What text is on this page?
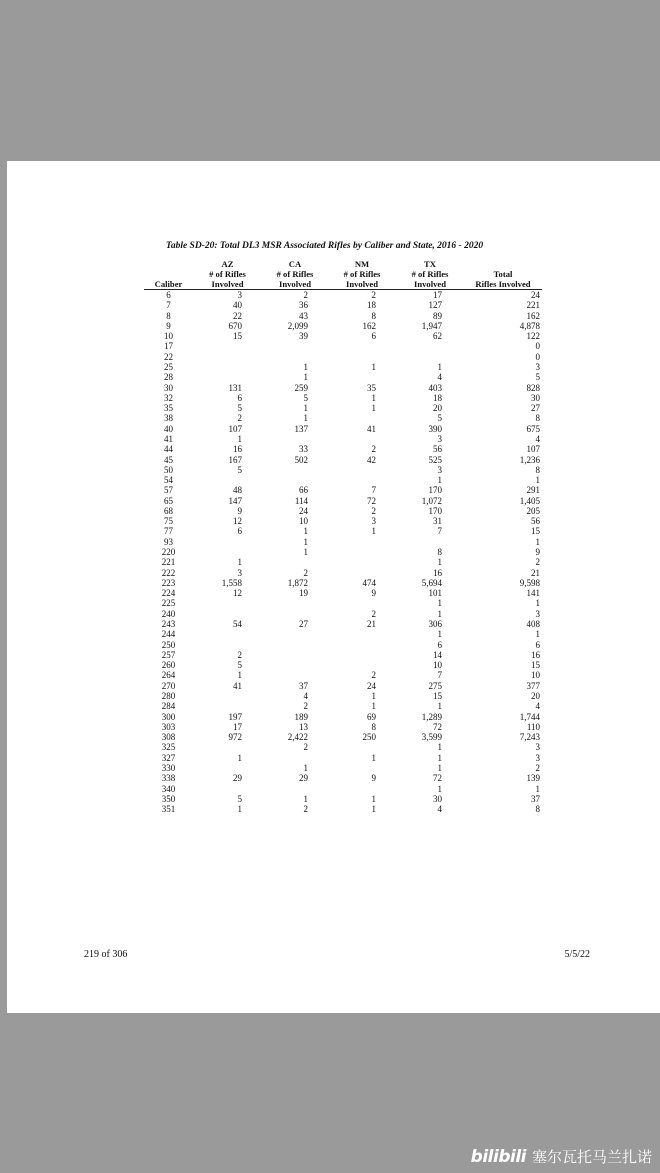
Table SD-20: Total DL3 MSR Associated Rifles by Caliber and State, 2016 - 2020
	AZ	CA	NM	TX	
	# of Rifles	# of Rifles	# of Rifles	# of Rifles	Total
Caliber	Involved	Involved	Involved	Involved	Rifles Involved
6	3	2	2	17	24
7	40	36	18	127	221
8	22	43	8	89	162
9	670	2,099	162	1,947	4,878
10	15	39	6	62	122
17					0
22					0
25		1	1	1	3
28		1		4	5
30	131	259	35	403	828
32	6	5	1	18	30
35	5	1	1	20	27
38	2	1		5	8
40	107	137	41	390	675
41	1			3	4
44	16	33	2	56	107
45	167	502	42	525	1,236
50	5			3	8
54				1	1
57	48	66	7	170	291
65	147	114	72	1,072	1,405
68	9	24	2	170	205
75	12	10	3	31	56
77	6	1	1	7	15
93		1			1
220		1		8	9
221	1			1	2
222	3	2		16	21
223	1,558	1,872	474	5,694	9,598
224	12	19	9	101	141
225				1	1
240			2	1	3
243	54	27	21	306	408
244				1	1
250				6	6
257	2			14	16
260	5			10	15
264	1		2	7	10
270	41	37	24	275	377
280		4	1	15	20
284		2	1	1	4
300	197	189	69	1,289	1,744
303	17	13	8	72	110
308	972	2,422	250	3,599	7,243
325		2		1	3
327	1		1	1	3
330		1		1	2
338	29	29	9	72	139
340				1	1
350	5	1	1	30	37
351	1	2	1	4	8
219 of 306	5/5/22
bilibili 塞尔瓦托马兰扎诺
